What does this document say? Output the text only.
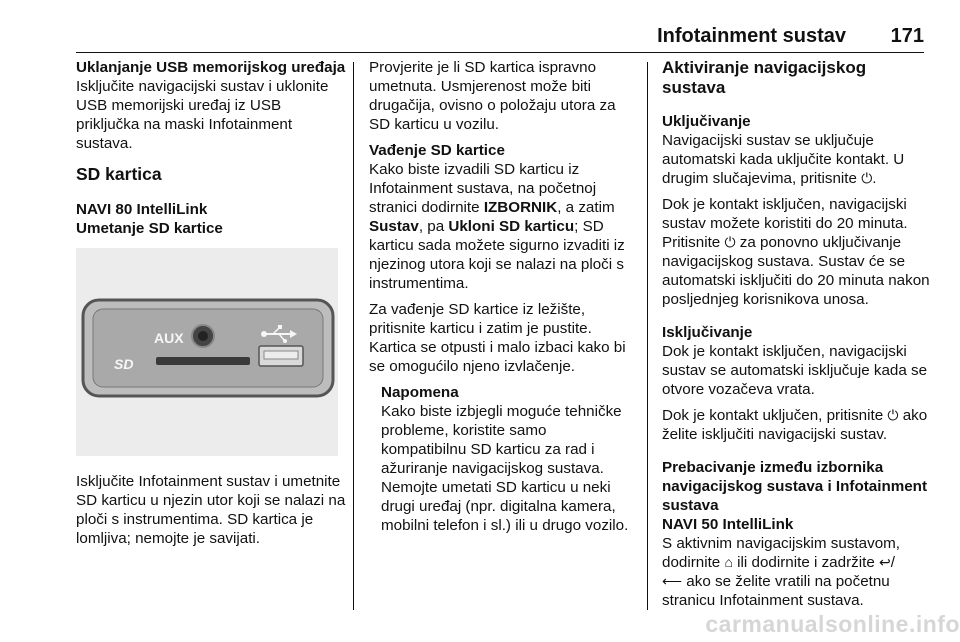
Infotainment sustav 171
Uklanjanje USB memorijskog uređaja

Isključite navigacijski sustav i uklonite USB memorijski uređaj iz USB priključka na maski Infotainment sustava.

SD kartica
NAVI 80 IntelliLink
Umetanje SD kartice
AUX
SD

Isključite Infotainment sustav i umetnite SD karticu u njezin utor koji se nalazi na ploči s instrumentima. SD kartica je lomljiva; nemojte je savijati.

Provjerite je li SD kartica ispravno umetnuta. Usmjerenost može biti drugačija, ovisno o položaju utora za SD karticu u vozilu.

Vađenje SD kartice

Kako biste izvadili SD karticu iz Infotainment sustava, na početnoj stranici dodirnite IZBORNIK, a zatim Sustav, pa Ukloni SD karticu; SD karticu sada možete sigurno izvaditi iz njezinog utora koji se nalazi na ploči s instrumentima.

Za vađenje SD kartice iz ležište, pritisnite karticu i zatim je pustite. Kartica se otpusti i malo izbaci kako bi se omogućilo njeno izvlačenje.

Napomena
Kako biste izbjegli moguće tehničke probleme, koristite samo kompatibilnu SD karticu za rad i ažuriranje navigacijskog sustava. Nemojte umetati SD karticu u neki drugi uređaj (npr. digitalna kamera, mobilni telefon i sl.) ili u drugo vozilo.
Aktiviranje navigacijskog sustava
Uključivanje

Navigacijski sustav se uključuje automatski kada uključite kontakt. U drugim slučajevima, pritisnite ⏻.

Dok je kontakt isključen, navigacijski sustav možete koristiti do 20 minuta. Pritisnite ⏻ za ponovno uključivanje navigacijskog sustava. Sustav će se automatski isključiti do 20 minuta nakon posljednjeg korisnikova unosa.

Isključivanje

Dok je kontakt isključen, navigacijski sustav se automatski isključuje kada se otvore vozačeva vrata.

Dok je kontakt uključen, pritisnite ⏻ ako želite isključiti navigacijski sustav.

Prebacivanje između izbornika navigacijskog sustava i Infotainment sustava
NAVI 50 IntelliLink

S aktivnim navigacijskim sustavom, dodirnite ⌂ ili dodirnite i zadržite ↩/
⟵ ako se želite vratili na početnu stranicu Infotainment sustava.

carmanualsonline.info
